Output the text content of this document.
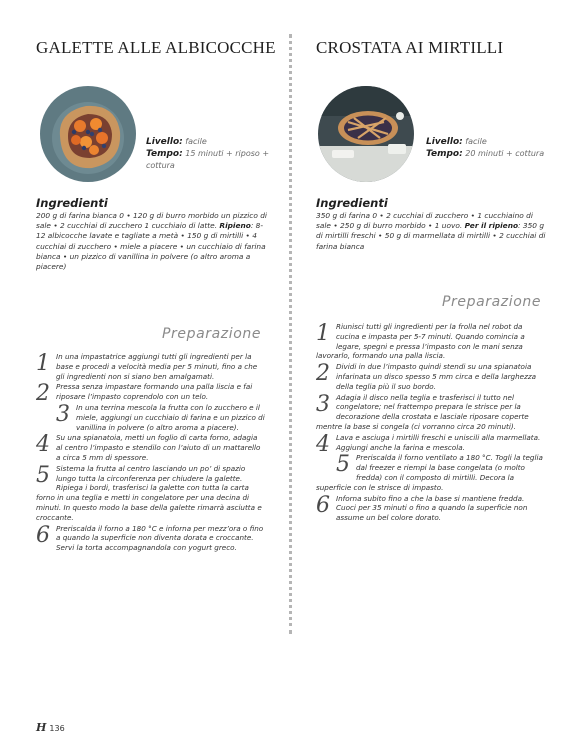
GALETTE ALLE ALBICOCCHE
Livello: facile
Tempo: 15 minuti + riposo + cottura
Ingredienti
200 g di farina bianca 0 • 120 g di burro morbido un pizzico di sale • 2 cucchiai di zucchero 1 cucchiaio di latte. Ripieno: 8-12 albicocche lavate e tagliate a metà • 150 g di mirtilli • 4 cucchiai di zucchero • miele a piacere • un cucchiaio di farina bianca • un pizzico di vanillina in polvere (o altro aroma a piacere)
Preparazione
1 In una impastatrice aggiungi tutti gli ingredienti per la base e procedi a velocità media per 5 minuti, fino a che gli ingredienti non si siano ben amalgamati.
2 Pressa senza impastare formando una palla liscia e fai riposare l’impasto coprendolo con un telo.
3 In una terrina mescola la frutta con lo zucchero e il miele, aggiungi un cucchiaio di farina e un pizzico di vanillina in polvere (o altro aroma a piacere).
4 Su una spianatoia, metti un foglio di carta forno, adagia al centro l’impasto e stendilo con l’aiuto di un mattarello a circa 5 mm di spessore.
5 Sistema la frutta al centro lasciando un po’ di spazio lungo tutta la circonferenza per chiudere la galette. Ripiega i bordi, trasferisci la galette con tutta la carta forno in una teglia e metti in congelatore per una decina di minuti. In questo modo la base della galette rimarrà asciutta e croccante.
6 Preriscalda il forno a 180 °C e inforna per mezz’ora o fino a quando la superficie non diventa dorata e croccante. Servi la torta accompagnandola con yogurt greco.
CROSTATA AI MIRTILLI
Livello: facile
Tempo: 20 minuti + cottura
Ingredienti
350 g di farina 0 • 2 cucchiai di zucchero • 1 cucchiaino di sale • 250 g di burro morbido • 1 uovo. Per il ripieno: 350 g di mirtilli freschi • 50 g di marmellata di mirtilli • 2 cucchiai di farina bianca
Preparazione
1 Riunisci tutti gli ingredienti per la frolla nel robot da cucina e impasta per 5-7 minuti. Quando comincia a legare, spegni e pressa l’impasto con le mani senza lavorarlo, formando una palla liscia.
2 Dividi in due l’impasto quindi stendi su una spianatoia infarinata un disco spesso 5 mm circa e della larghezza della teglia più il suo bordo.
3 Adagia il disco nella teglia e trasferisci il tutto nel congelatore; nel frattempo prepara le strisce per la decorazione della crostata e lasciale riposare coperte mentre la base si congela (ci vorranno circa 20 minuti).
4 Lava e asciuga i mirtilli freschi e uniscili alla marmellata. Aggiungi anche la farina e mescola.
5 Preriscalda il forno ventilato a 180 °C. Togli la teglia dal freezer e riempi la base congelata (o molto fredda) con il composto di mirtilli. Decora la superficie con le strisce di impasto.
6 Inforna subito fino a che la base si mantiene fredda. Cuoci per 35 minuti o fino a quando la superficie non assume un bel colore dorato.
H 136
